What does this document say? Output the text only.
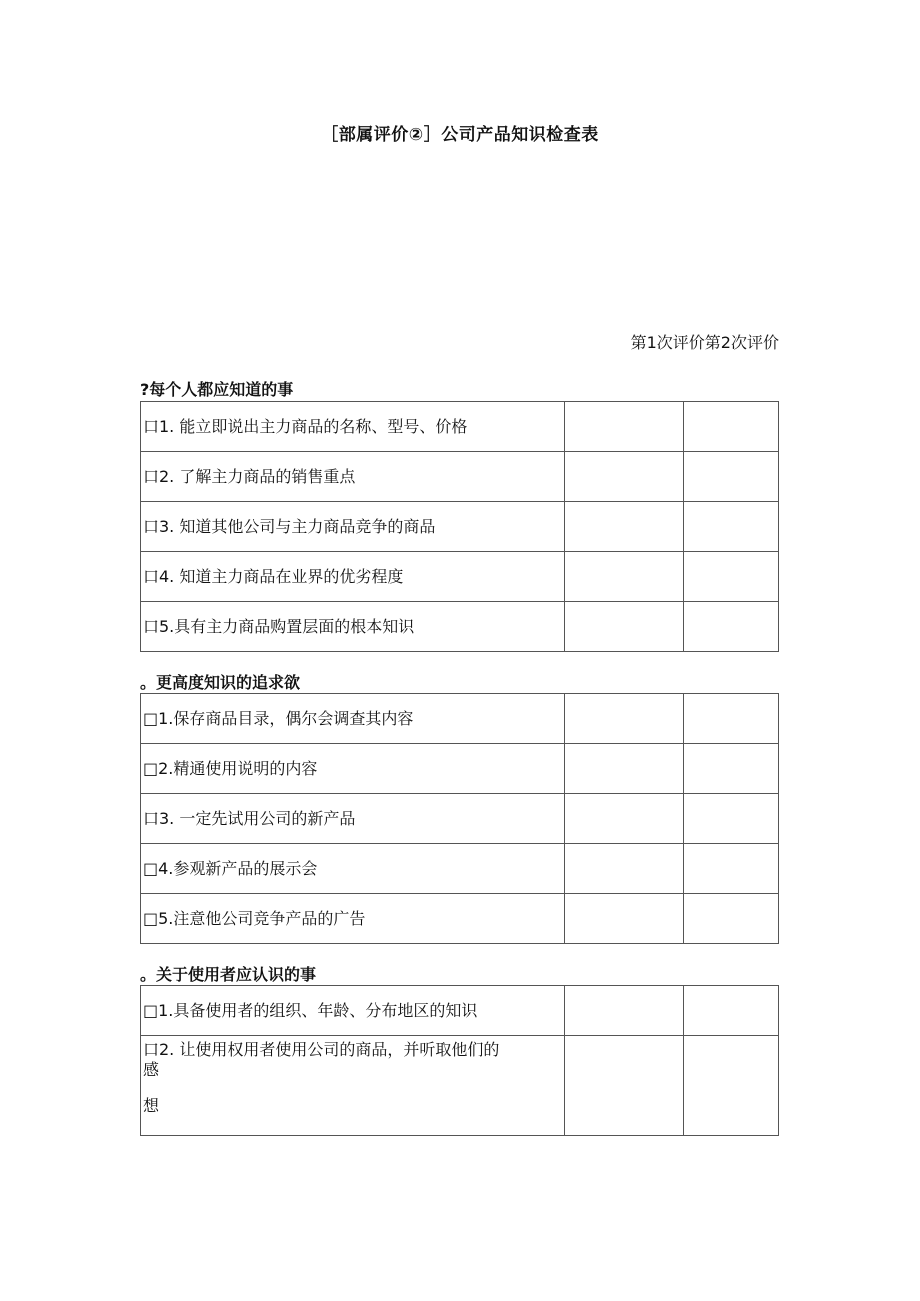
［部属评价②］公司产品知识检查表
第1次评价第2次评价
?每个人都应知道的事
口1. 能立即说出主力商品的名称、型号、价格		
口2. 了解主力商品的销售重点		
口3. 知道其他公司与主力商品竞争的商品		
口4. 知道主力商品在业界的优劣程度		
口5.具有主力商品购置层面的根本知识		
。更高度知识的追求欲
□1.保存商品目录，偶尔会调查其内容		
□2.精通使用说明的内容		
口3. 一定先试用公司的新产品		
□4.参观新产品的展示会		
□5.注意他公司竞争产品的广告		
。关于使用者应认识的事
□1.具备使用者的组织、年龄、分布地区的知识		

口2. 让使用权用者使用公司的商品，并听取他们的
感
想		
